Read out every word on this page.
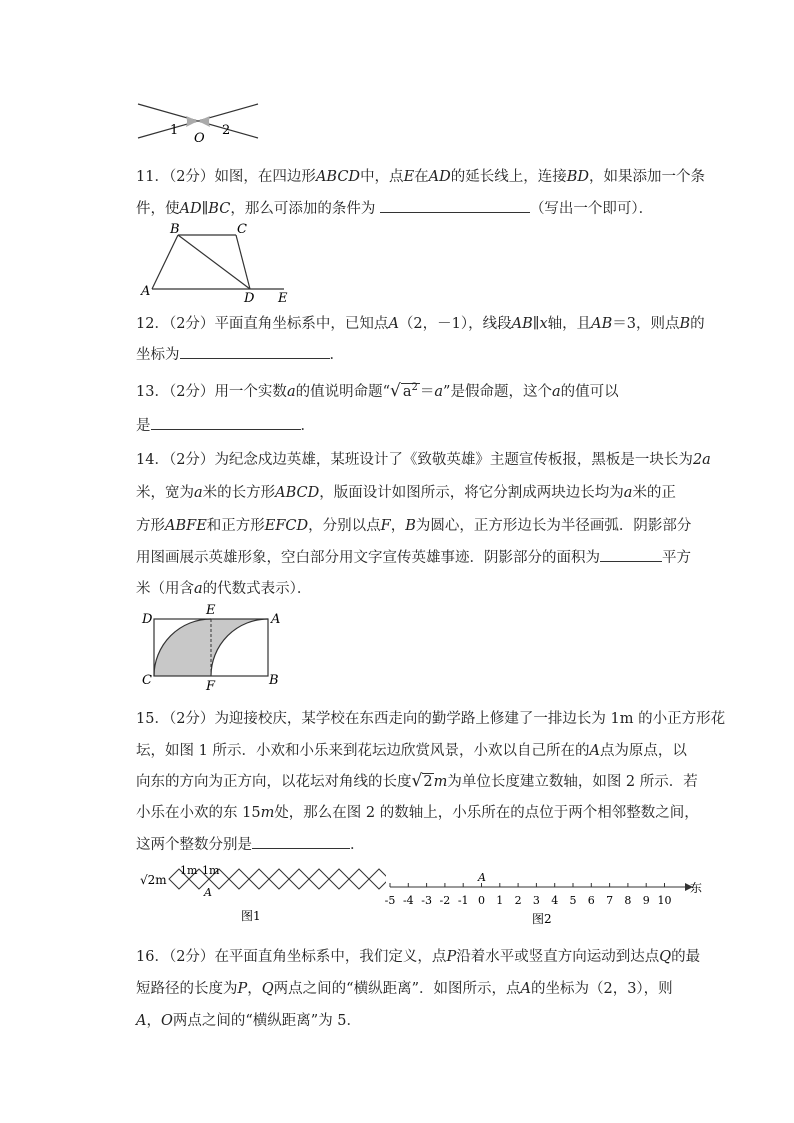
1	2
O
11．（2分）如图，在四边形ABCD中，点E在AD的延长线上，连接BD，如果添加一个条
件，使AD∥BC，那么可添加的条件为	（写出一个即可）．
B	C
A	D E
12．（2分）平面直角坐标系中，已知点A（2，－1），线段AB∥x轴，且AB＝3，则点B的
坐标为	．
13．（2分）用一个实数a的值说明命题“√ $a^2 =a$”是假命题，这个a的值可以
是	．
14．（2分）为纪念戍边英雄，某班设计了《致敬英雄》主题宣传板报，黑板是一块长为2a
米，宽为a米的长方形ABCD，版面设计如图所示，将它分割成两块边长均为a米的正
方形ABFE和正方形EFCD，分别以点F，B为圆心，正方形边长为半径画弧．阴影部分
用图画展示英雄形象，空白部分用文字宣传英雄事迹．阴影部分的面积为	平方
米（用含a的代数式表示）．
D
E
A
C	F	B
15．（2分）为迎接校庆，某学校在东西走向的勤学路上修建了一排边长为 1m 的小正方形花
坛，如图 1 所示．小欢和小乐来到花坛边欣赏风景，小欢以自己所在的A点为原点，以
向东的方向为正方向，以花坛对角线的长度√2m为单位长度建立数轴，如图 2 所示．若
小乐在小欢的东 15m处，那么在图 2 的数轴上，小乐所在的点位于两个相邻整数之间，
这两个整数分别是	．
√2m
1m 1m
A
图1
-5 -4 -3 -2 -1 0 1 2 3 4 5 6 7 8 9 10
A
东
图2
16．（2分）在平面直角坐标系中，我们定义，点P沿着水平或竖直方向运动到达点Q的最
短路径的长度为P，Q两点之间的“横纵距离”．如图所示，点A的坐标为（2，3），则
A，O两点之间的“横纵距离”为 5．
